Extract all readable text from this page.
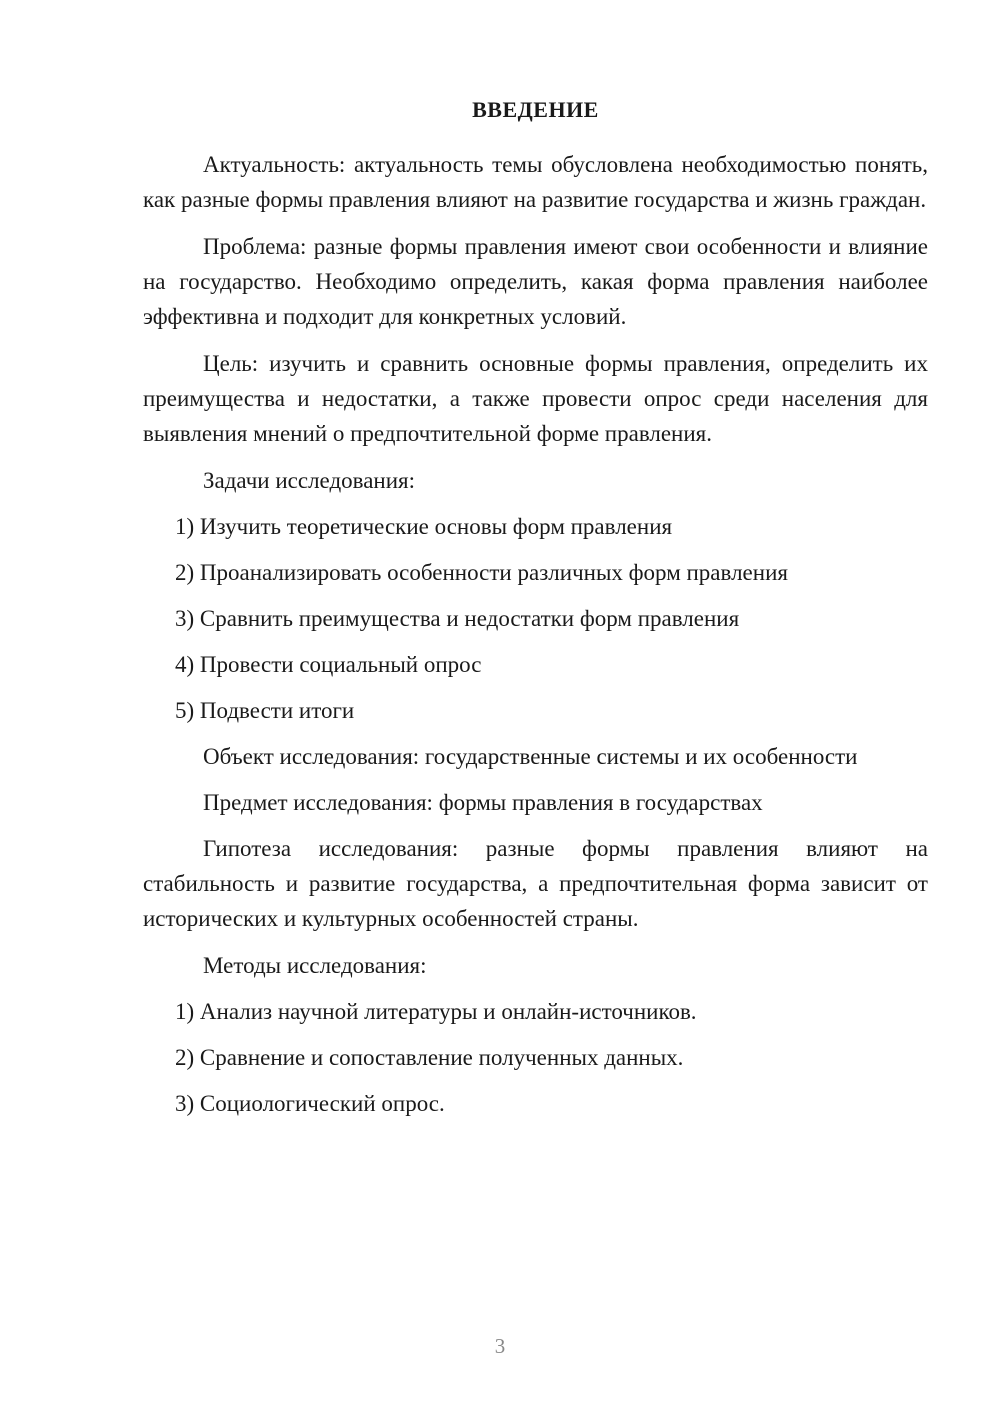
ВВЕДЕНИЕ

Актуальность: актуальность темы обусловлена необходимостью понять, как разные формы правления влияют на развитие государства и жизнь граждан.

Проблема: разные формы правления имеют свои особенности и влияние на государство. Необходимо определить, какая форма правления наиболее эффективна и подходит для конкретных условий.

Цель: изучить и сравнить основные формы правления, определить их преимущества и недостатки, а также провести опрос среди населения для выявления мнений о предпочтительной форме правления.

Задачи исследования:

1) Изучить теоретические основы форм правления

2) Проанализировать особенности различных форм правления

3) Сравнить преимущества и недостатки форм правления

4) Провести социальный опрос

5) Подвести итоги

Объект исследования: государственные системы и их особенности

Предмет исследования: формы правления в государствах

Гипотеза исследования: разные формы правления влияют на стабильность и развитие государства, а предпочтительная форма зависит от исторических и культурных особенностей страны.

Методы исследования:

1) Анализ научной литературы и онлайн-источников.

2) Сравнение и сопоставление полученных данных.

3) Социологический опрос.

3
